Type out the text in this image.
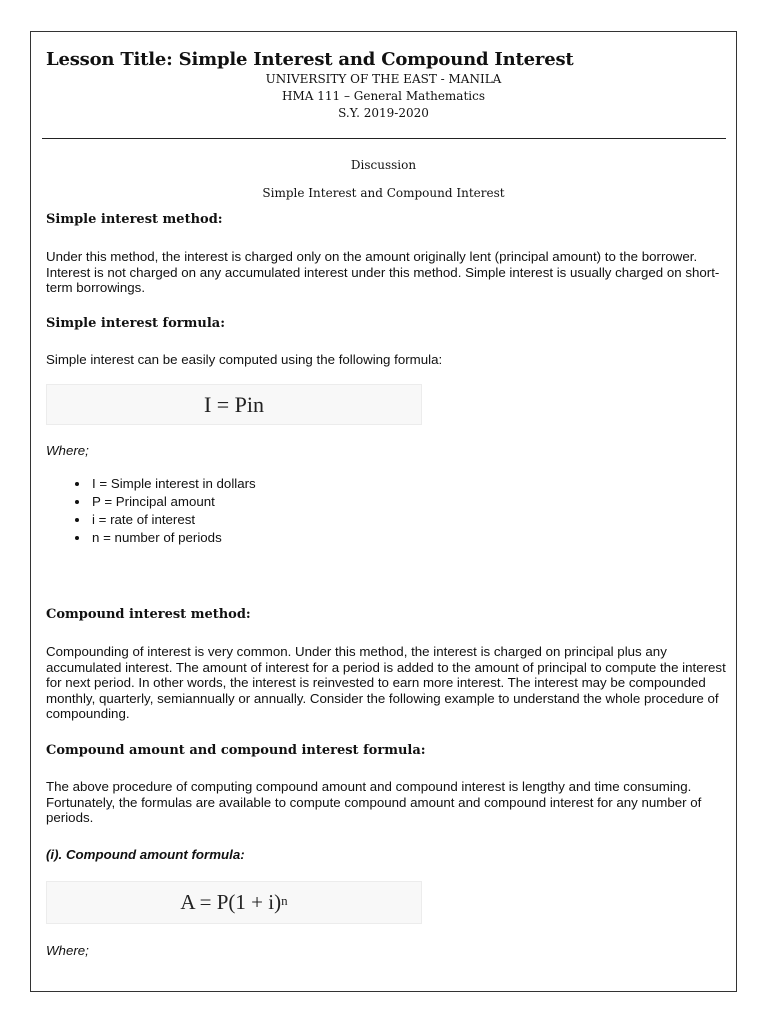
Lesson Title: Simple Interest and Compound Interest
UNIVERSITY OF THE EAST - MANILA
HMA 111 – General Mathematics
S.Y. 2019-2020
Discussion
Simple Interest and Compound Interest
Simple interest method:
Under this method, the interest is charged only on the amount originally lent (principal amount) to the borrower. Interest is not charged on any accumulated interest under this method. Simple interest is usually charged on short-term borrowings.
Simple interest formula:
Simple interest can be easily computed using the following formula:
I = Pin
Where;
• I = Simple interest in dollars
• P = Principal amount
• i = rate of interest
• n = number of periods
Compound interest method:
Compounding of interest is very common. Under this method, the interest is charged on principal plus any accumulated interest. The amount of interest for a period is added to the amount of principal to compute the interest for next period. In other words, the interest is reinvested to earn more interest. The interest may be compounded monthly, quarterly, semiannually or annually. Consider the following example to understand the whole procedure of compounding.
Compound amount and compound interest formula:
The above procedure of computing compound amount and compound interest is lengthy and time consuming. Fortunately, the formulas are available to compute compound amount and compound interest for any number of periods.
(i). Compound amount formula:
$A = P(1 + i)^n$
Where;
